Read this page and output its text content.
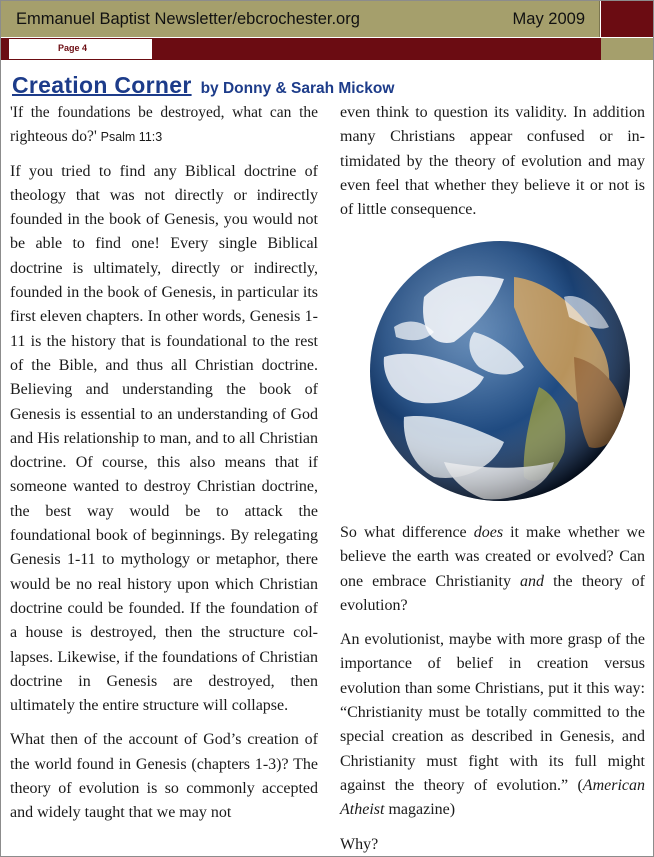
Emmanuel Baptist Newsletter/ebcrochester.org	May 2009
Page 4
Creation Corner by Donny & Sarah Mickow

'If the foundations be destroyed, what can the righteous do?' Psalm 11:3

If you tried to find any Biblical doctrine of theology that was not directly or indirectly founded in the book of Genesis, you would not be able to find one! Every single Biblical doctrine is ultimately, directly or indirectly, founded in the book of Genesis, in particular its first eleven chapters. In other words, Genesis 1-11 is the history that is foundational to the rest of the Bible, and thus all Christian doctrine. Believing and understanding the book of Genesis is essential to an understanding of God and His relationship to man, and to all Christian doctrine. Of course, this also means that if someone wanted to destroy Christian doctrine, the best way would be to attack the foundational book of beginnings. By relegating Genesis 1-11 to mythology or metaphor, there would be no real history upon which Christian doctrine could be founded. If the foundation of a house is destroyed, then the structure collapses. Likewise, if the foundations of Christian doctrine in Genesis are destroyed, then ultimately the entire structure will collapse.

What then of the account of God’s creation of the world found in Genesis (chapters 1-3)? The theory of evolution is so commonly accepted and widely taught that we may not

even think to question its validity. In addition many Christians appear confused or intimidated by the theory of evolution and may even feel that whether they believe it or not is of little consequence.

So what difference does it make whether we believe the earth was created or evolved? Can one embrace Christianity and the theory of evolution?

An evolutionist, maybe with more grasp of the importance of belief in creation versus evolution than some Christians, put it this way: “Christianity must be totally committed to the special creation as described in Genesis, and Christianity must fight with its full might against the theory of evolution.” (American Atheist magazine)

Why?
